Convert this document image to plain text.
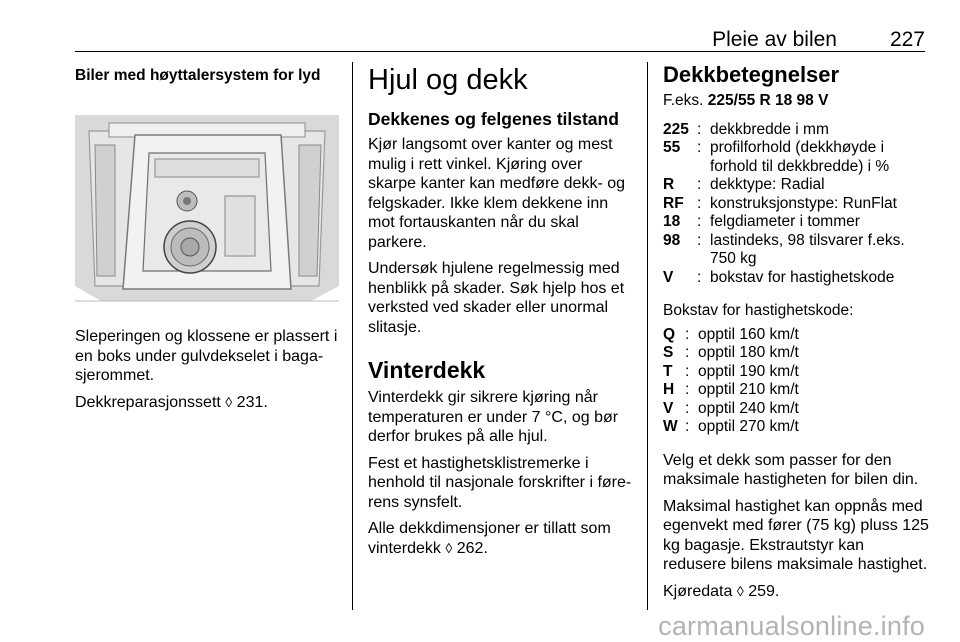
Pleie av bilen	227

Biler med høyttalersystem for lyd

Sleperingen og klossene er plassert i en boks under gulvdekselet i bagasjerommet.

Dekkreparasjonssett ◊ 231.

Hjul og dekk
Dekkenes og felgenes tilstand

Kjør langsomt over kanter og mest mulig i rett vinkel. Kjøring over skarpe kanter kan medføre dekk- og felgskader. Ikke klem dekkene inn mot fortauskanten når du skal parkere.

Undersøk hjulene regelmessig med henblikk på skader. Søk hjelp hos et verksted ved skader eller unormal slitasje.

Vinterdekk

Vinterdekk gir sikrere kjøring når temperaturen er under 7 °C, og bør derfor brukes på alle hjul.

Fest et hastighetsklistremerke i henhold til nasjonale forskrifter i førerens synsfelt.

Alle dekkdimensjoner er tillatt som vinterdekk ◊ 262.

Dekkbetegnelser

F.eks. 225/55 R 18 98 V

225 : dekkbredde i mm
55	: profilforhold (dekkhøyde i forhold til dekkbredde) i %
R	: dekktype: Radial
RF : konstruksjonstype: RunFlat
18	: felgdiameter i tommer
98	: lastindeks, 98 tilsvarer f.eks. 750 kg
V	: bokstav for hastighetskode

Bokstav for hastighetskode:

Q : opptil 160 km/t
S : opptil 180 km/t
T : opptil 190 km/t
H : opptil 210 km/t
V : opptil 240 km/t
W : opptil 270 km/t

Velg et dekk som passer for den maksimale hastigheten for bilen din.

Maksimal hastighet kan oppnås med egenvekt med fører (75 kg) pluss 125 kg bagasje. Ekstrautstyr kan redusere bilens maksimale hastighet.

Kjøredata ◊ 259.

carmanualsonline.info
